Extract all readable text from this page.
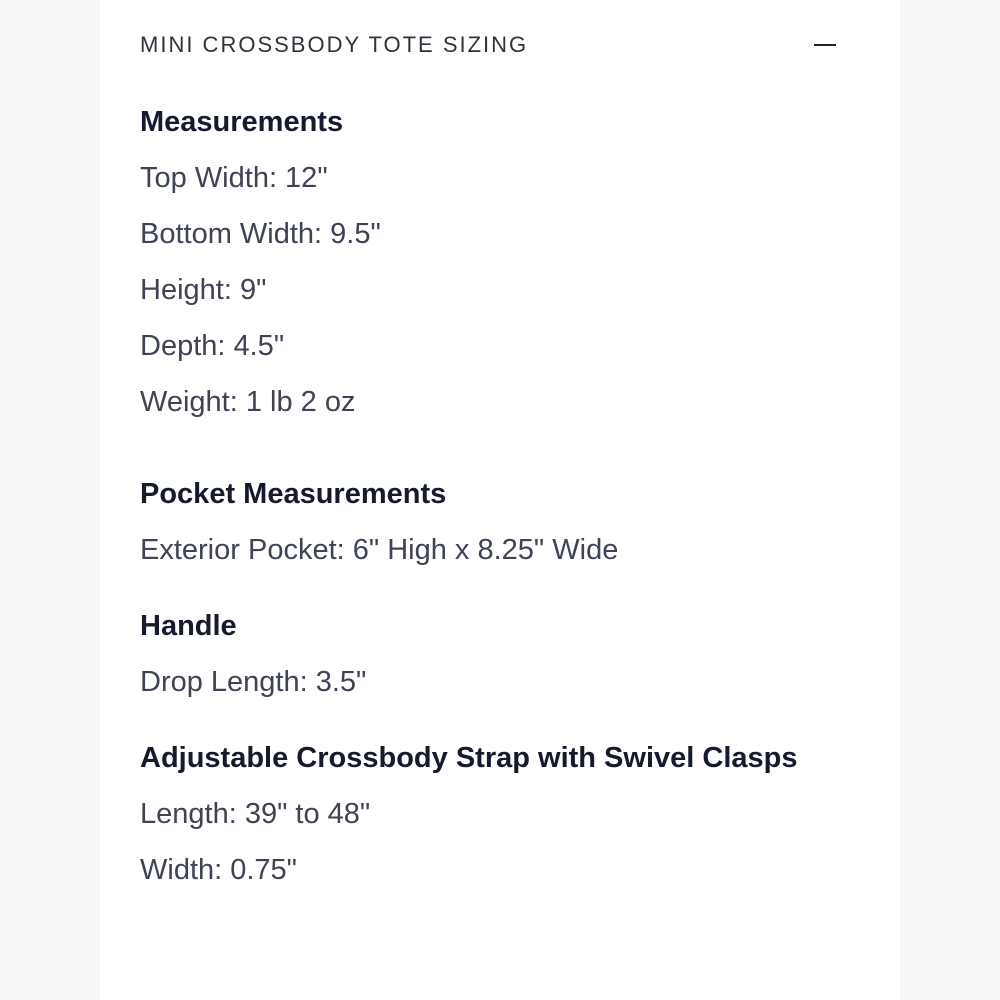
MINI CROSSBODY TOTE SIZING
Measurements
Top Width: 12"
Bottom Width: 9.5"
Height: 9"
Depth: 4.5"
Weight: 1 lb 2 oz
Pocket Measurements
Exterior Pocket: 6" High x 8.25" Wide
Handle
Drop Length: 3.5"
Adjustable Crossbody Strap with Swivel Clasps
Length: 39" to 48"
Width: 0.75"
